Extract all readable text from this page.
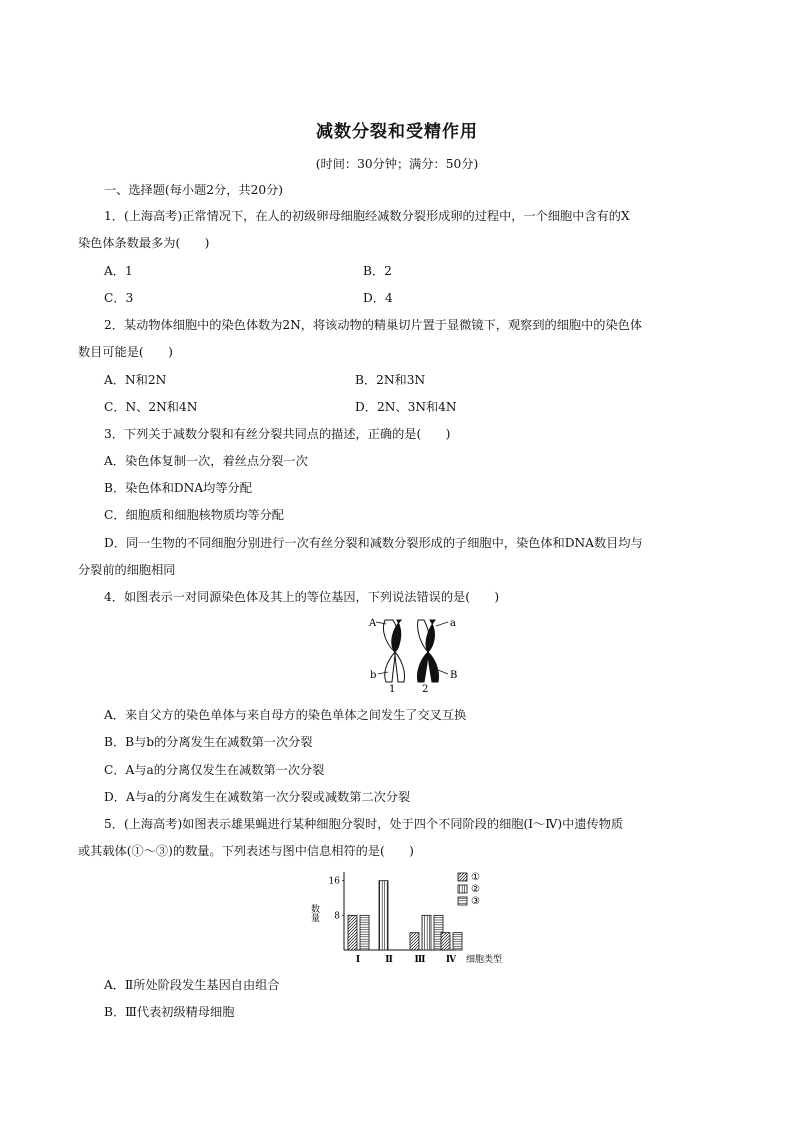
减数分裂和受精作用
(时间：30分钟；满分：50分)
一、选择题(每小题2分，共20分)
1．(上海高考)正常情况下，在人的初级卵母细胞经减数分裂形成卵的过程中，一个细胞中含有的X
染色体条数最多为(　　)
A．1	B．2
C．3	D．4
2．某动物体细胞中的染色体数为2N，将该动物的精巢切片置于显微镜下，观察到的细胞中的染色体
数目可能是(　　)
A．N和2N	B．2N和3N
C．N、2N和4N	D．2N、3N和4N
3．下列关于减数分裂和有丝分裂共同点的描述，正确的是(　　)
A．染色体复制一次，着丝点分裂一次
B．染色体和DNA均等分配
C．细胞质和细胞核物质均等分配
D．同一生物的不同细胞分别进行一次有丝分裂和减数分裂形成的子细胞中，染色体和DNA数目均与
分裂前的细胞相同
4．如图表示一对同源染色体及其上的等位基因，下列说法错误的是(　　)
A	a
b	B
1	2
A．来自父方的染色单体与来自母方的染色单体之间发生了交叉互换
B．B与b的分离发生在减数第一次分裂
C．A与a的分离仅发生在减数第一次分裂
D．A与a的分离发生在减数第一次分裂或减数第二次分裂
5．(上海高考)如图表示雄果蝇进行某种细胞分裂时，处于四个不同阶段的细胞(Ⅰ～Ⅳ)中遗传物质
或其载体(①～③)的数量。下列表述与图中信息相符的是(　　)
8
16
数量
Ⅰ	Ⅱ Ⅲ Ⅳ 细胞类型
①
②
③
A．Ⅱ所处阶段发生基因自由组合
B．Ⅲ代表初级精母细胞
